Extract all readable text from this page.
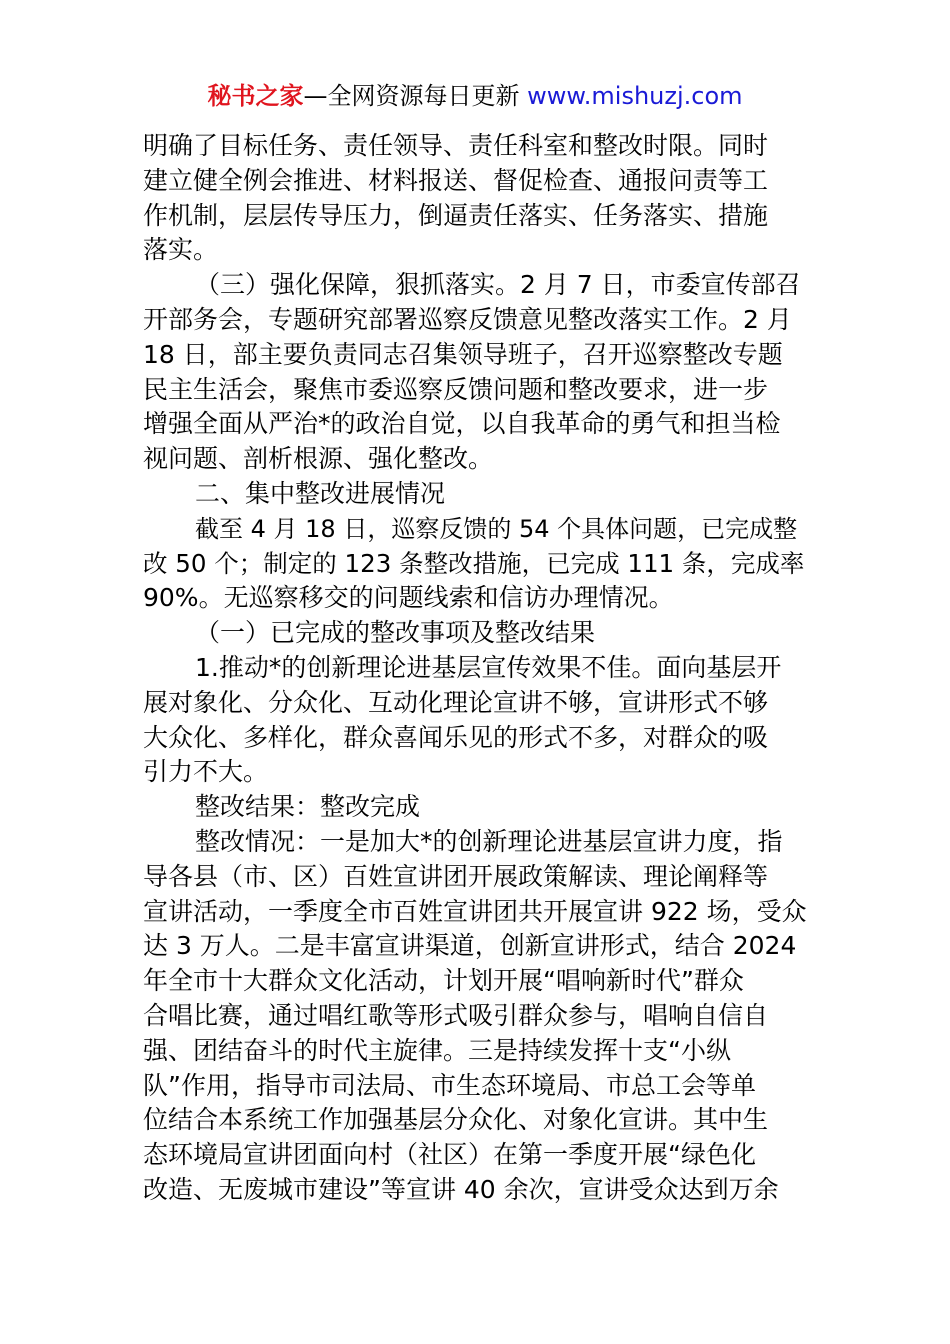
秘书之家—全网资源每日更新 www.mishuzj.com
明确了目标任务、责任领导、责任科室和整改时限。同时
建立健全例会推进、材料报送、督促检查、通报问责等工
作机制，层层传导压力，倒逼责任落实、任务落实、措施
落实。
（三）强化保障，狠抓落实。2 月 7 日，市委宣传部召
开部务会，专题研究部署巡察反馈意见整改落实工作。2 月
18 日，部主要负责同志召集领导班子，召开巡察整改专题
民主生活会，聚焦市委巡察反馈问题和整改要求，进一步
增强全面从严治*的政治自觉，以自我革命的勇气和担当检
视问题、剖析根源、强化整改。
二、集中整改进展情况
截至 4 月 18 日，巡察反馈的 54 个具体问题，已完成整
改 50 个；制定的 123 条整改措施，已完成 111 条，完成率
90%。无巡察移交的问题线索和信访办理情况。
（一）已完成的整改事项及整改结果
1.推动*的创新理论进基层宣传效果不佳。面向基层开
展对象化、分众化、互动化理论宣讲不够，宣讲形式不够
大众化、多样化，群众喜闻乐见的形式不多，对群众的吸
引力不大。
整改结果：整改完成
整改情况：一是加大*的创新理论进基层宣讲力度，指
导各县（市、区）百姓宣讲团开展政策解读、理论阐释等
宣讲活动，一季度全市百姓宣讲团共开展宣讲 922 场，受众
达 3 万人。二是丰富宣讲渠道，创新宣讲形式，结合 2024
年全市十大群众文化活动，计划开展“唱响新时代”群众
合唱比赛，通过唱红歌等形式吸引群众参与，唱响自信自
强、团结奋斗的时代主旋律。三是持续发挥十支“小纵
队”作用，指导市司法局、市生态环境局、市总工会等单
位结合本系统工作加强基层分众化、对象化宣讲。其中生
态环境局宣讲团面向村（社区）在第一季度开展“绿色化
改造、无废城市建设”等宣讲 40 余次，宣讲受众达到万余
